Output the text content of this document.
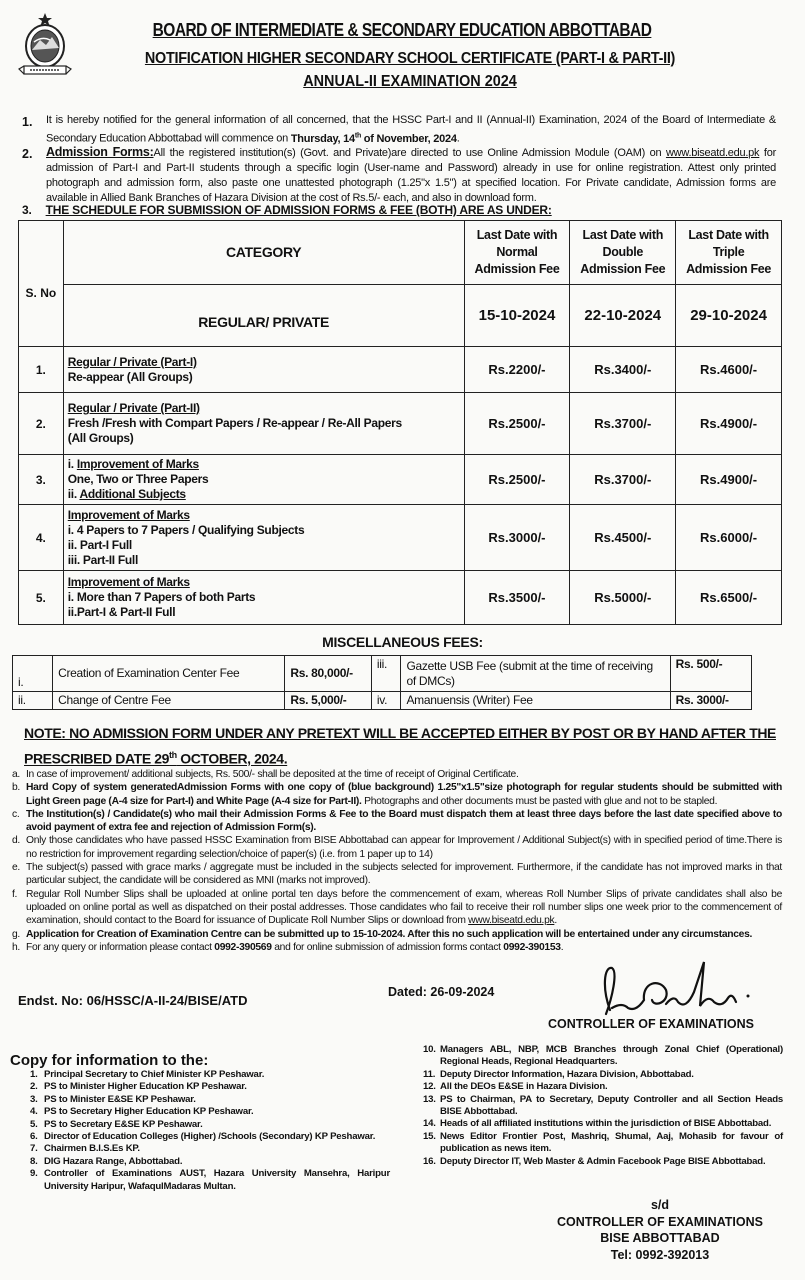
BOARD OF INTERMEDIATE & SECONDARY EDUCATION ABBOTTABAD
NOTIFICATION HIGHER SECONDARY SCHOOL CERTIFICATE (PART-I & PART-II)
ANNUAL-II EXAMINATION 2024
1. It is hereby notified for the general information of all concerned, that the HSSC Part-I and II (Annual-II) Examination, 2024 of the Board of Intermediate & Secondary Education Abbottabad will commence on Thursday, 14th of November, 2024.
2. Admission Forms:All the registered institution(s) (Govt. and Private)are directed to use Online Admission Module (OAM) on www.biseatd.edu.pk for admission of Part-I and Part-II students through a specific login (User-name and Password) already in use for online registration. Attest only printed photograph and admission form, also paste one unattested photograph (1.25"x 1.5") at specified location. For Private candidate, Admission forms are available in Allied Bank Branches of Hazara Division at the cost of Rs.5/- each, and also in download form.
3. THE SCHEDULE FOR SUBMISSION OF ADMISSION FORMS & FEE (BOTH) ARE AS UNDER:
S. No	CATEGORY	
Last Date with
Normal
Admission Fee

Last Date with
Double
Admission Fee

Last Date with
Triple
Admission Fee

	REGULAR/ PRIVATE	15-10-2024	22-10-2024	29-10-2024
1.	Regular / Private (Part-I)
Re-appear (All Groups)	Rs.2200/-	Rs.3400/-	Rs.4600/-
2.	Regular / Private (Part-II)
Fresh /Fresh with Compart Papers / Re-appear / Re-All Papers
(All Groups)	Rs.2500/-	Rs.3700/-	Rs.4900/-
3.	i. Improvement of Marks
One, Two or Three Papers
ii. Additional Subjects	Rs.2500/-	Rs.3700/-	Rs.4900/-
4.	Improvement of Marks
i. 4 Papers to 7 Papers / Qualifying Subjects
ii. Part-I Full
iii. Part-II Full	Rs.3000/-	Rs.4500/-	Rs.6000/-
5.	Improvement of Marks
i. More than 7 Papers of both Parts
ii.Part-I & Part-II Full	Rs.3500/-	Rs.5000/-	Rs.6500/-
MISCELLANEOUS FEES:
i.	Creation of Examination Center Fee	Rs. 80,000/-	iii.	Gazette USB Fee (submit at the time of receiving of DMCs)	Rs. 500/-
ii.	Change of Centre Fee	Rs. 5,000/-	iv.	Amanuensis (Writer) Fee	Rs. 3000/-
NOTE: NO ADMISSION FORM UNDER ANY PRETEXT WILL BE ACCEPTED EITHER BY POST OR BY HAND AFTER THE PRESCRIBED DATE 29th OCTOBER, 2024.
a. In case of improvement/ additional subjects, Rs. 500/- shall be deposited at the time of receipt of Original Certificate.
b. Hard Copy of system generatedAdmission Forms with one copy of (blue background) 1.25"x1.5"size photograph for regular students should be submitted with Light Green page (A-4 size for Part-I) and White Page (A-4 size for Part-II). Photographs and other documents must be pasted with glue and not to be stapled.
c. The Institution(s) / Candidate(s) who mail their Admission Forms & Fee to the Board must dispatch them at least three days before the last date specified above to avoid payment of extra fee and rejection of Admission Form(s).
d. Only those candidates who have passed HSSC Examination from BISE Abbottabad can appear for Improvement / Additional Subject(s) with in specified period of time.There is no restriction for improvement regarding selection/choice of paper(s) (i.e. from 1 paper up to 14)
e. The subject(s) passed with grace marks / aggregate must be included in the subjects selected for improvement. Furthermore, if the candidate has not improved marks in that particular subject, the candidate will be considered as MNI (marks not improved).
f. Regular Roll Number Slips shall be uploaded at online portal ten days before the commencement of exam, whereas Roll Number Slips of private candidates shall also be uploaded on online portal as well as dispatched on their postal addresses. Those candidates who fail to receive their roll number slips one week prior to the commencement of examination, should contact to the Board for issuance of Duplicate Roll Number Slips or download from www.biseatd.edu.pk.
g. Application for Creation of Examination Centre can be submitted up to 15-10-2024. After this no such application will be entertained under any circumstances.
h. For any query or information please contact 0992-390569 and for online submission of admission forms contact 0992-390153.
Endst. No: 06/HSSC/A-II-24/BISE/ATD
Dated: 26-09-2024
CONTROLLER OF EXAMINATIONS
Copy for information to the:
1. Principal Secretary to Chief Minister KP Peshawar.
2. PS to Minister Higher Education KP Peshawar.
3. PS to Minister E&SE KP Peshawar.
4. PS to Secretary Higher Education KP Peshawar.
5. PS to Secretary E&SE KP Peshawar.
6. Director of Education Colleges (Higher) /Schools (Secondary) KP Peshawar.
7. Chairmen B.I.S.Es KP.
8. DIG Hazara Range, Abbottabad.
9. Controller of Examinations AUST, Hazara University Mansehra, Haripur University Haripur, WafaqulMadaras Multan.
10. Managers ABL, NBP, MCB Branches through Zonal Chief (Operational) Regional Heads, Regional Headquarters.
11. Deputy Director Information, Hazara Division, Abbottabad.
12. All the DEOs E&SE in Hazara Division.
13. PS to Chairman, PA to Secretary, Deputy Controller and all Section Heads BISE Abbottabad.
14. Heads of all affiliated institutions within the jurisdiction of BISE Abbottabad.
15. News Editor Frontier Post, Mashriq, Shumal, Aaj, Mohasib for favour of publication as news item.
16. Deputy Director IT, Web Master & Admin Facebook Page BISE Abbottabad.
s/d
CONTROLLER OF EXAMINATIONS
BISE ABBOTTABAD
Tel: 0992-392013
